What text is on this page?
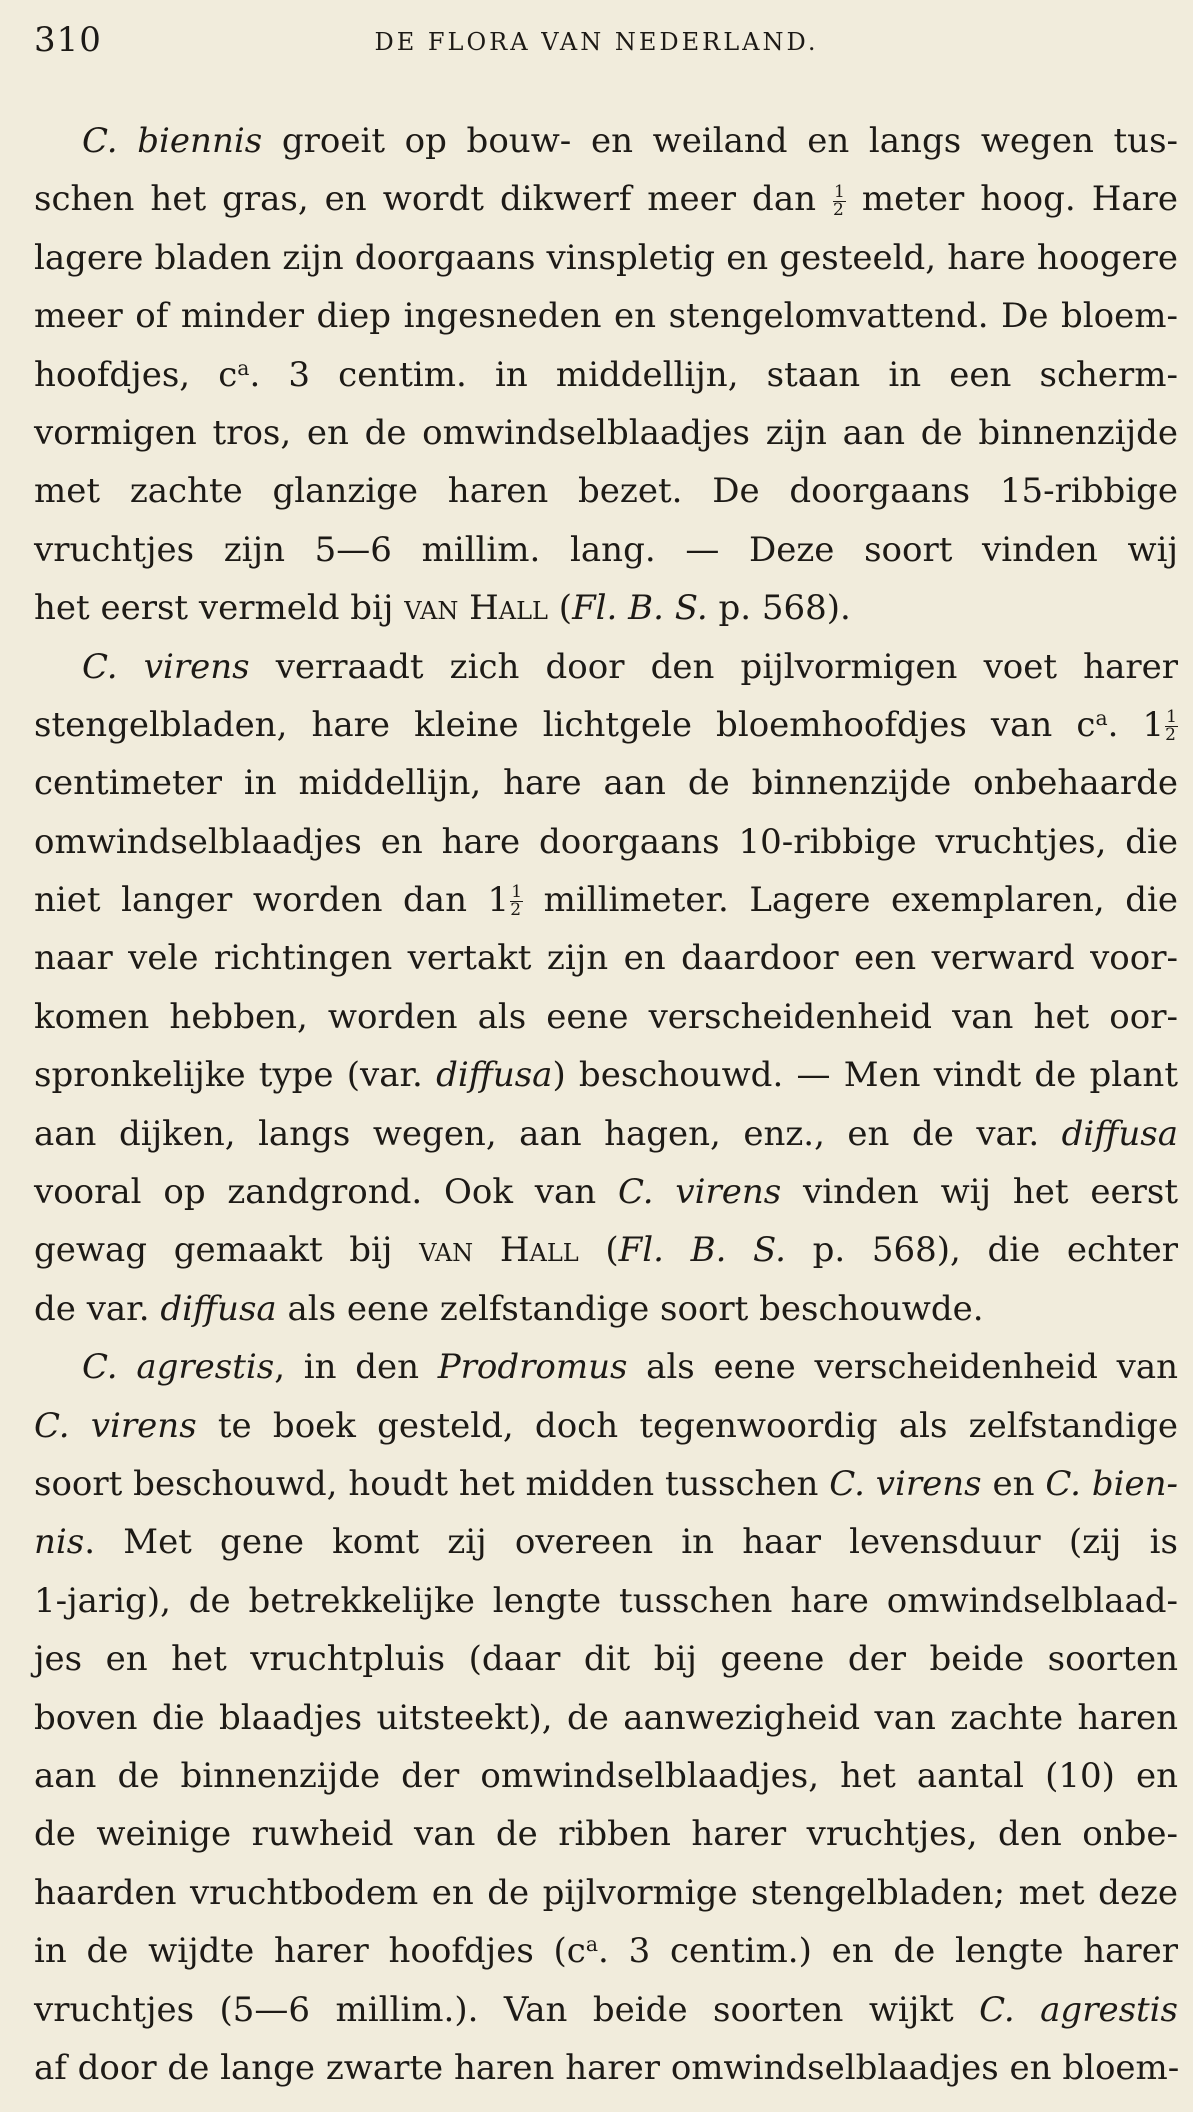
310	DE FLORA VAN NEDERLAND.
C. biennis groeit op bouw- en weiland en langs wegen tus-
schen het gras, en wordt dikwerf meer dan $\frac{1}{2}$ meter hoog. Hare
lagere bladen zijn doorgaans vinspletig en gesteeld, hare hoogere
meer of minder diep ingesneden en stengelomvattend. De bloem-
hoofdjes, $c^a$. 3 centim. in middellijn, staan in een scherm-
vormigen tros, en de omwindselblaadjes zijn aan de binnenzijde
met zachte glanzige haren bezet. De doorgaans 15-ribbige
vruchtjes zijn 5—6 millim. lang. — Deze soort vinden wij
het eerst vermeld bij van Hall (Fl. B. S. p. 568).
C. virens verraadt zich door den pijlvormigen voet harer
stengelbladen, hare kleine lichtgele bloemhoofdjes van $c^a$. $1 \frac{1}{2}$
centimeter in middellijn, hare aan de binnenzijde onbehaarde
omwindselblaadjes en hare doorgaans 10-ribbige vruchtjes, die
niet langer worden dan $1 \frac{1}{2}$ millimeter. Lagere exemplaren, die
naar vele richtingen vertakt zijn en daardoor een verward voor-
komen hebben, worden als eene verscheidenheid van het oor-
spronkelijke type (var. diffusa) beschouwd. — Men vindt de plant
aan dijken, langs wegen, aan hagen, enz., en de var. diffusa
vooral op zandgrond. Ook van C. virens vinden wij het eerst
gewag gemaakt bij van Hall (Fl. B. S. p. 568), die echter
de var. diffusa als eene zelfstandige soort beschouwde.
C. agrestis, in den Prodromus als eene verscheidenheid van
C. virens te boek gesteld, doch tegenwoordig als zelfstandige
soort beschouwd, houdt het midden tusschen C. virens en C. bien-
nis. Met gene komt zij overeen in haar levensduur (zij is
1-jarig), de betrekkelijke lengte tusschen hare omwindselblaad-
jes en het vruchtpluis (daar dit bij geene der beide soorten
boven die blaadjes uitsteekt), de aanwezigheid van zachte haren
aan de binnenzijde der omwindselblaadjes, het aantal (10) en
de weinige ruwheid van de ribben harer vruchtjes, den onbe-
haarden vruchtbodem en de pijlvormige stengelbladen; met deze
in de wijdte harer hoofdjes ($c^a$. 3 centim.) en de lengte harer
vruchtjes (5—6 millim.). Van beide soorten wijkt C. agrestis
af door de lange zwarte haren harer omwindselblaadjes en bloem-
